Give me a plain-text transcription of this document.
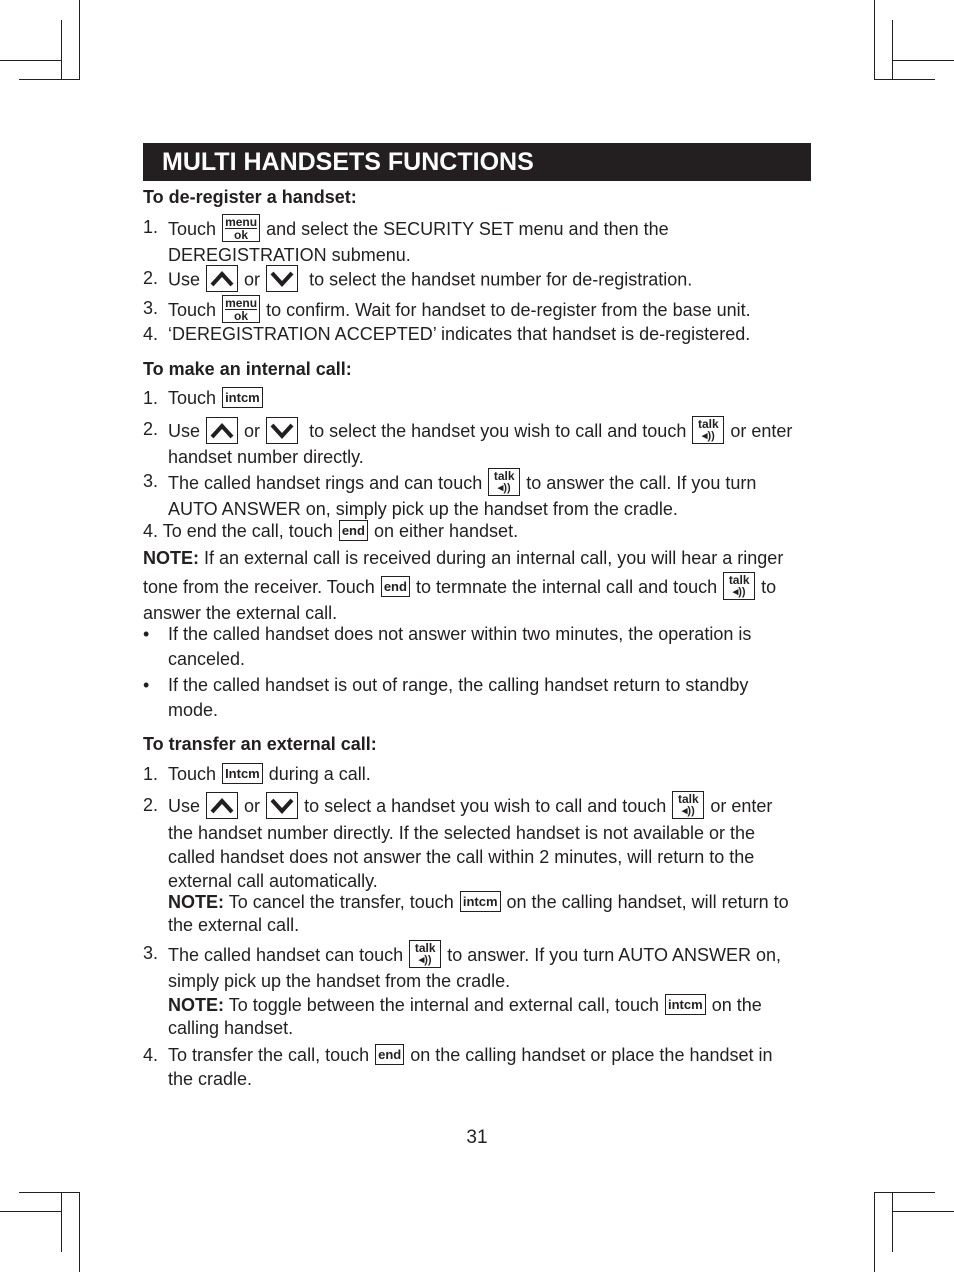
MULTI HANDSETS FUNCTIONS
To de-register a handset:
1. Touch menu
ok and select the SECURITY SET menu and then the
DEREGISTRATION submenu.
2. Use or	to select the handset number for de-registration.
3. Touch menu
ok to confirm. Wait for handset to de-register from the base unit.
4. ‘DEREGISTRATION ACCEPTED’ indicates that handset is de-registered.
To make an internal call:
1. Touch intcm
2. Use or	to select the handset you wish to call and touch talk
◂)) or enter
handset number directly.
3. The called handset rings and can touch talk
◂)) to answer the call. If you turn
AUTO ANSWER on, simply pick up the handset from the cradle.
4. To end the call, touch end on either handset.
NOTE: If an external call is received during an internal call, you will hear a ringer
tone from the receiver. Touch end to termnate the internal call and touch talk
◂)) to
answer the external call.
• If the called handset does not answer within two minutes, the operation is
canceled.
• If the called handset is out of range, the calling handset return to standby
mode.
To transfer an external call:
1. Touch Intcm during a call.
2. Use or to select a handset you wish to call and touch talk
◂)) or enter
the handset number directly. If the selected handset is not available or the
called handset does not answer the call within 2 minutes, will return to the
external call automatically.
NOTE: To cancel the transfer, touch intcm on the calling handset, will return to
the external call.
3. The called handset can touch talk
◂)) to answer. If you turn AUTO ANSWER on,
simply pick up the handset from the cradle.
NOTE: To toggle between the internal and external call, touch intcm on the
calling handset.
4. To transfer the call, touch end on the calling handset or place the handset in
the cradle.
31
